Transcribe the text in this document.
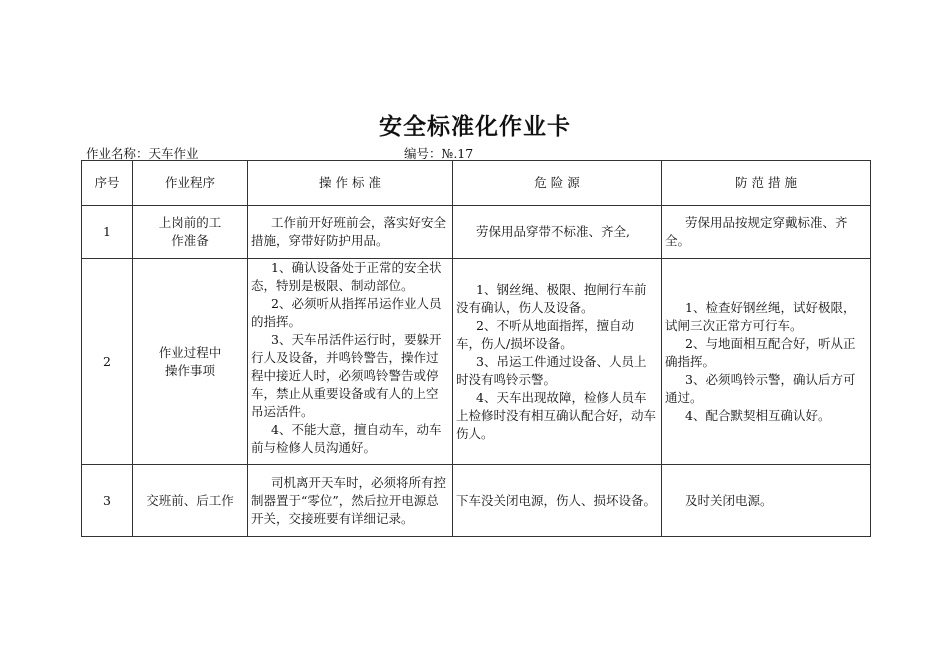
安全标准化作业卡
作业名称：天车作业	编号：№.17
序号	作业程序	操 作 标 准	危 险 源	防 范 措 施
1	上岗前的工作准备	工作前开好班前会，落实好安全措施，穿带好防护用品。	劳保用品穿带不标准、齐全,	劳保用品按规定穿戴标准、齐全。

2	作业过程中操作事项	1、确认设备处于正常的安全状态，特别是极限、制动部位。
2、必须听从指挥吊运作业人员的指挥。
3、天车吊活件运行时，要躲开行人及设备，并鸣铃警告，操作过程中接近人时，必须鸣铃警告或停车，禁止从重要设备或有人的上空吊运活件。
4、不能大意，擅自动车，动车前与检修人员沟通好。	1、钢丝绳、极限、抱闸行车前没有确认，伤人及设备。
2、不听从地面指挥，擅自动车，伤人/损坏设备。
3、吊运工件通过设备、人员上时没有鸣铃示警。
4、天车出现故障，检修人员车上检修时没有相互确认配合好，动车伤人。	1、检查好钢丝绳，试好极限，试闸三次正常方可行车。
2、与地面相互配合好，听从正确指挥。
3、必须鸣铃示警，确认后方可通过。
4、配合默契相互确认好。

3	交班前、后工作	司机离开天车时，必须将所有控制器置于“零位”，然后拉开电源总开关，交接班要有详细记录。	下车没关闭电源，伤人、损坏设备。	及时关闭电源。
